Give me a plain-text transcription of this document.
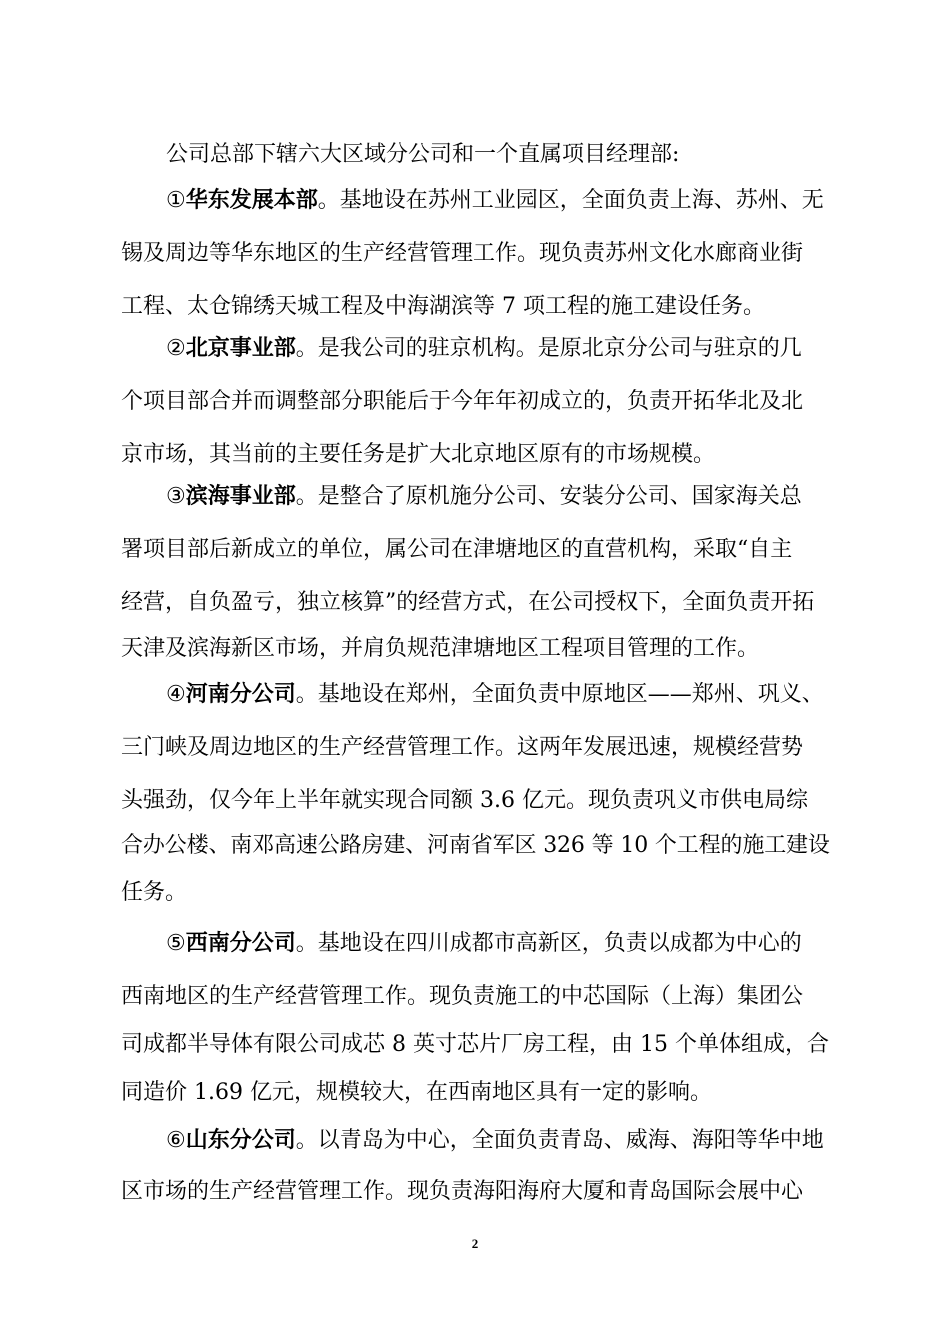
公司总部下辖六大区域分公司和一个直属项目经理部:
①华东发展本部。基地设在苏州工业园区，全面负责上海、苏州、无
锡及周边等华东地区的生产经营管理工作。现负责苏州文化水廊商业街
工程、太仓锦绣天城工程及中海湖滨等 7 项工程的施工建设任务。
②北京事业部。是我公司的驻京机构。是原北京分公司与驻京的几
个项目部合并而调整部分职能后于今年年初成立的，负责开拓华北及北
京市场，其当前的主要任务是扩大北京地区原有的市场规模。
③滨海事业部。是整合了原机施分公司、安装分公司、国家海关总
署项目部后新成立的单位，属公司在津塘地区的直营机构，采取“自主
经营，自负盈亏，独立核算”的经营方式，在公司授权下，全面负责开拓
天津及滨海新区市场，并肩负规范津塘地区工程项目管理的工作。
④河南分公司。基地设在郑州，全面负责中原地区——郑州、巩义、
三门峡及周边地区的生产经营管理工作。这两年发展迅速，规模经营势
头强劲，仅今年上半年就实现合同额 3.6 亿元。现负责巩义市供电局综
合办公楼、南邓高速公路房建、河南省军区 326 等 10 个工程的施工建设
任务。
⑤西南分公司。基地设在四川成都市高新区，负责以成都为中心的
西南地区的生产经营管理工作。现负责施工的中芯国际（上海）集团公
司成都半导体有限公司成芯 8 英寸芯片厂房工程，由 15 个单体组成，合
同造价 1.69 亿元，规模较大，在西南地区具有一定的影响。
⑥山东分公司。以青岛为中心，全面负责青岛、威海、海阳等华中地
区市场的生产经营管理工作。现负责海阳海府大厦和青岛国际会展中心
2
